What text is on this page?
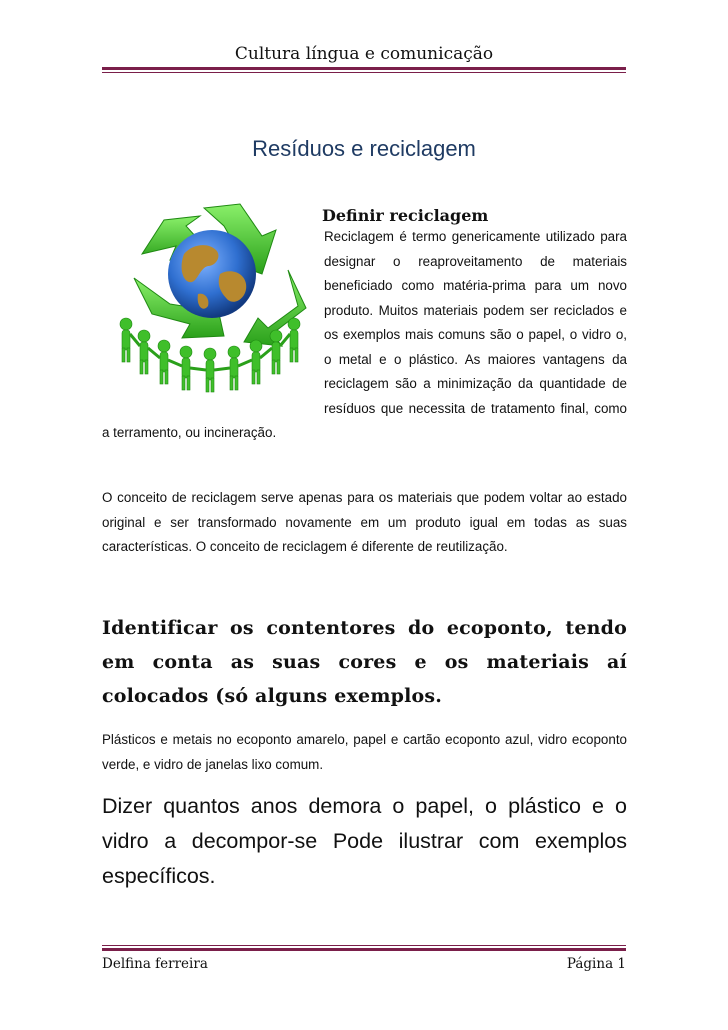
Cultura língua e comunicação
Resíduos e reciclagem
Definir reciclagem
Reciclagem é termo genericamente utilizado para designar o reaproveitamento de materiais beneficiado como matéria-prima para um novo produto. Muitos materiais podem ser reciclados e os exemplos mais comuns são o papel, o vidro o, o metal e o plástico. As maiores vantagens da reciclagem são a minimização da quantidade de resíduos que necessita de tratamento final, como a terramento, ou incineração.
O conceito de reciclagem serve apenas para os materiais que podem voltar ao estado original e ser transformado novamente em um produto igual em todas as suas características. O conceito de reciclagem é diferente de reutilização.
Identificar os contentores do ecoponto, tendo em conta as suas cores e os materiais aí colocados (só alguns exemplos.
Plásticos e metais no ecoponto amarelo, papel e cartão ecoponto azul, vidro ecoponto verde, e vidro de janelas lixo comum.
Dizer quantos anos demora o papel, o plástico e o vidro a decompor-se Pode ilustrar com exemplos específicos.
Delfina ferreira	Página 1
